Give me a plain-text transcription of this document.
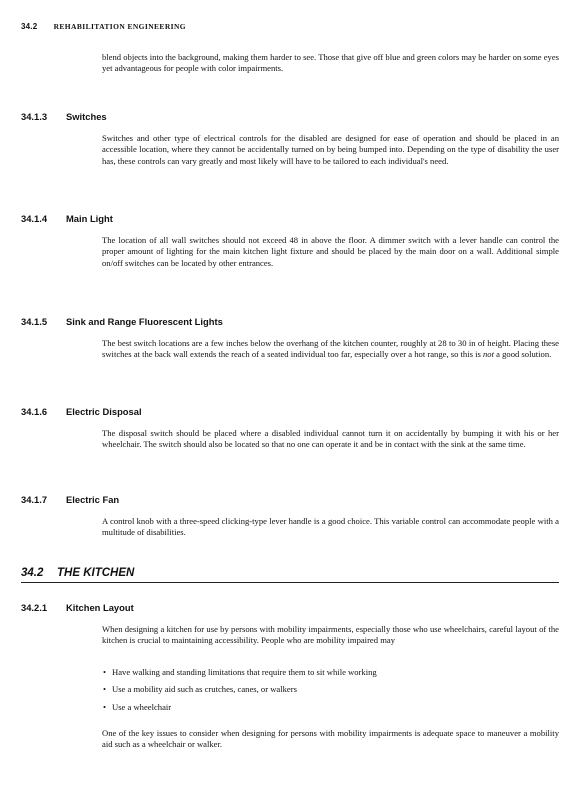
34.2 REHABILITATION ENGINEERING

blend objects into the background, making them harder to see. Those that give off blue and green colors may be harder on some eyes yet advantageous for people with color impairments.

34.1.3 Switches

Switches and other type of electrical controls for the disabled are designed for ease of operation and should be placed in an accessible location, where they cannot be accidentally turned on by being bumped into. Depending on the type of disability the user has, these controls can vary greatly and most likely will have to be tailored to each individual's need.

34.1.4 Main Light

The location of all wall switches should not exceed 48 in above the floor. A dimmer switch with a lever handle can control the proper amount of lighting for the main kitchen light fixture and should be placed by the main door on a wall. Additional simple on/off switches can be located by other entrances.

34.1.5 Sink and Range Fluorescent Lights

The best switch locations are a few inches below the overhang of the kitchen counter, roughly at 28 to 30 in of height. Placing these switches at the back wall extends the reach of a seated individual too far, especially over a hot range, so this is not a good solution.

34.1.6 Electric Disposal

The disposal switch should be placed where a disabled individual cannot turn it on accidentally by bumping it with his or her wheelchair. The switch should also be located so that no one can operate it and be in contact with the sink at the same time.

34.1.7 Electric Fan

A control knob with a three-speed clicking-type lever handle is a good choice. This variable control can accommodate people with a multitude of disabilities.

34.2 THE KITCHEN
34.2.1 Kitchen Layout

When designing a kitchen for use by persons with mobility impairments, especially those who use wheelchairs, careful layout of the kitchen is crucial to maintaining accessibility. People who are mobility impaired may

• Have walking and standing limitations that require them to sit while working
• Use a mobility aid such as crutches, canes, or walkers
• Use a wheelchair

One of the key issues to consider when designing for persons with mobility impairments is adequate space to maneuver a mobility aid such as a wheelchair or walker.
